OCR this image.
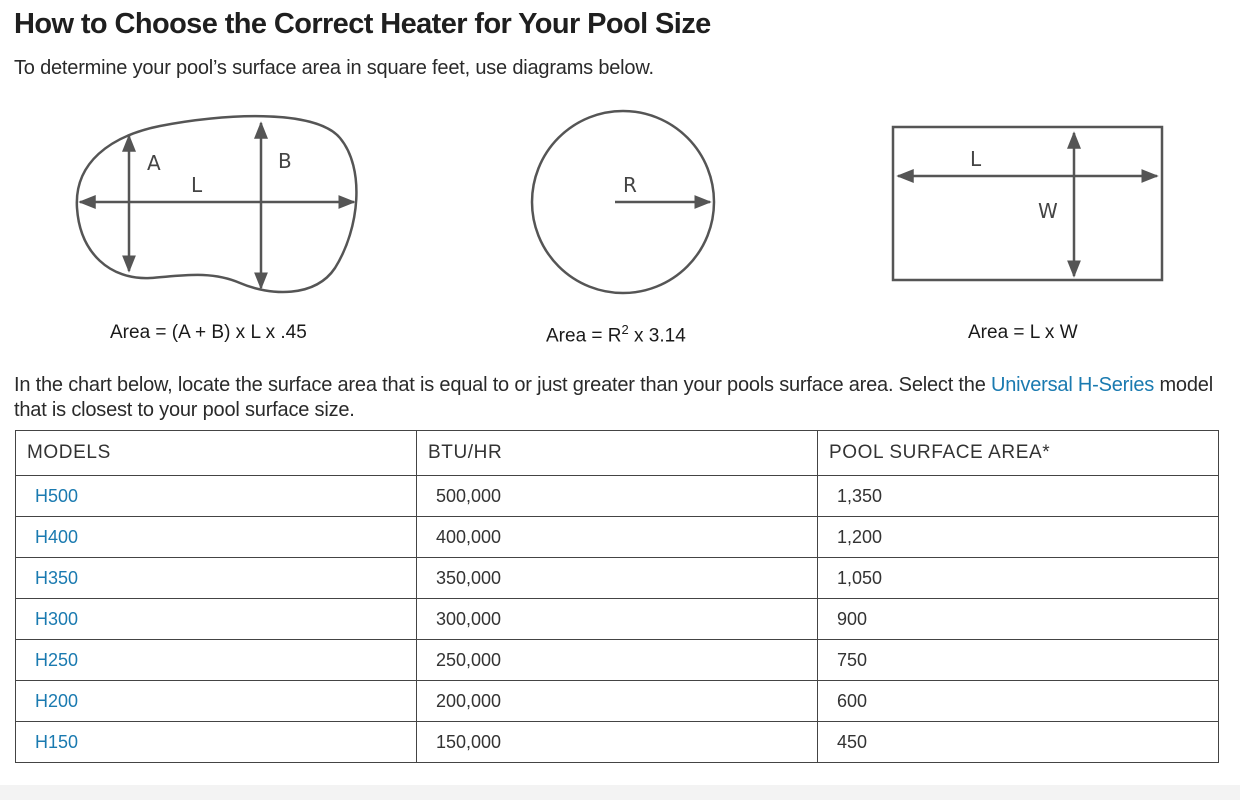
How to Choose the Correct Heater for Your Pool Size

To determine your pool’s surface area in square feet, use diagrams below.

A
L
B
R
L
W
Area = (A + B) x L x .45	Area = $R^2$ x 3.14	Area = L x W

In the chart below, locate the surface area that is equal to or just greater than your pools surface area. Select the Universal H-Series model that is closest to your pool surface size.

MODELS	BTU/HR	POOL SURFACE AREA*
H500	500,000	1,350
H400	400,000	1,200
H350	350,000	1,050
H300	300,000	900
H250	250,000	750
H200	200,000	600
H150	150,000	450
